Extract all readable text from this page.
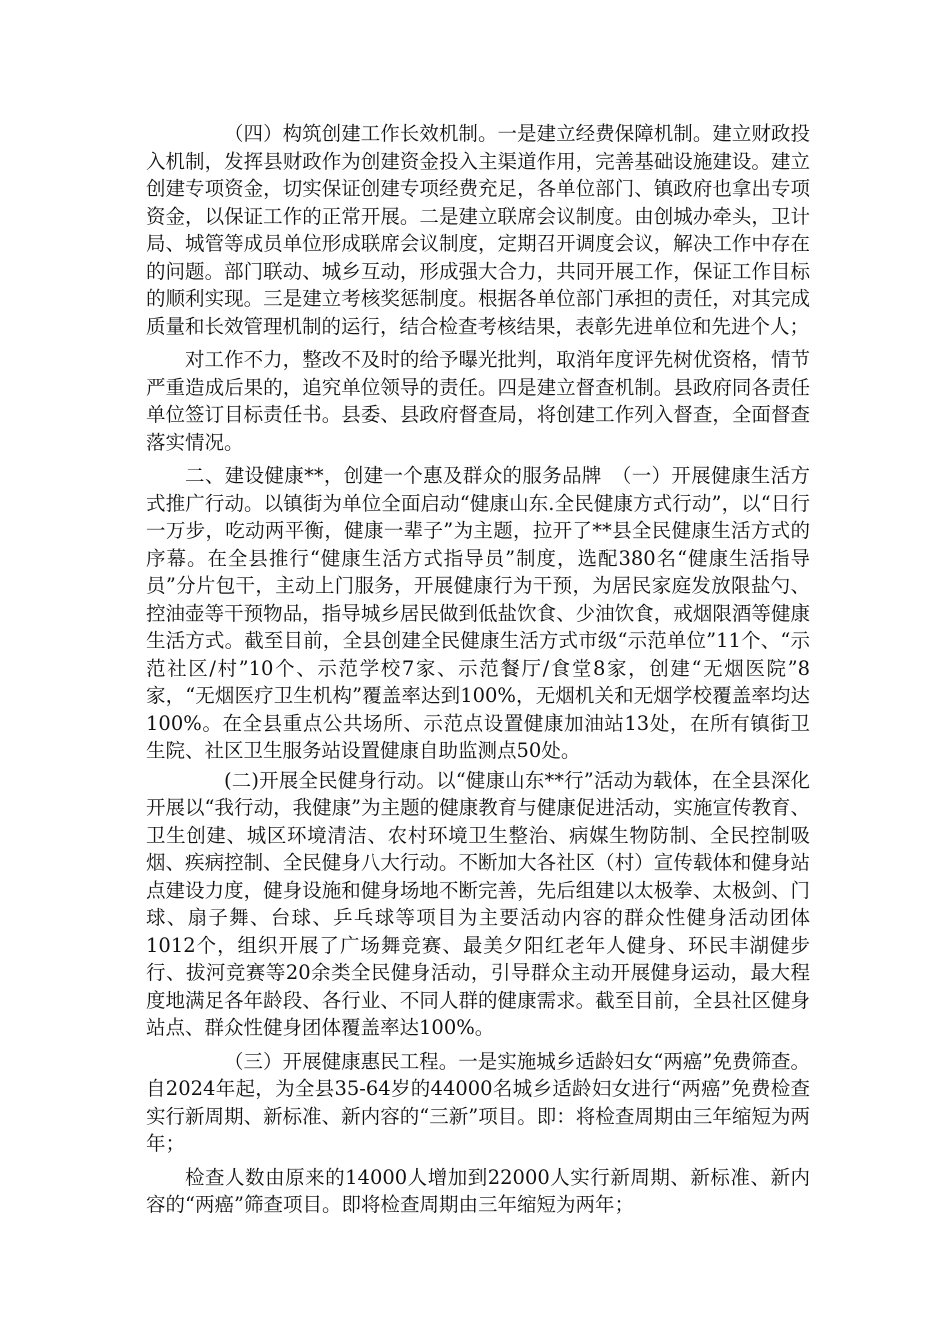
（四）构筑创建工作长效机制。一是建立经费保障机制。建立财政投入机制，发挥县财政作为创建资金投入主渠道作用，完善基础设施建设。建立创建专项资金，切实保证创建专项经费充足，各单位部门、镇政府也拿出专项资金，以保证工作的正常开展。二是建立联席会议制度。由创城办牵头，卫计局、城管等成员单位形成联席会议制度，定期召开调度会议，解决工作中存在的问题。部门联动、城乡互动，形成强大合力，共同开展工作，保证工作目标的顺利实现。三是建立考核奖惩制度。根据各单位部门承担的责任，对其完成质量和长效管理机制的运行，结合检查考核结果，表彰先进单位和先进个人；

对工作不力，整改不及时的给予曝光批判，取消年度评先树优资格，情节严重造成后果的，追究单位领导的责任。四是建立督查机制。县政府同各责任单位签订目标责任书。县委、县政府督查局，将创建工作列入督查，全面督查落实情况。

二、建设健康**，创建一个惠及群众的服务品牌　（一）开展健康生活方式推广行动。以镇街为单位全面启动“健康山东.全民健康方式行动”，以“日行一万步，吃动两平衡，健康一辈子”为主题，拉开了**县全民健康生活方式的序幕。在全县推行“健康生活方式指导员”制度，选配380名“健康生活指导员”分片包干，主动上门服务，开展健康行为干预，为居民家庭发放限盐勺、控油壶等干预物品，指导城乡居民做到低盐饮食、少油饮食，戒烟限酒等健康生活方式。截至目前，全县创建全民健康生活方式市级“示范单位”11个、“示范社区/村”10个、示范学校7家、示范餐厅/食堂8家，创建“无烟医院”8家，“无烟医疗卫生机构”覆盖率达到100%，无烟机关和无烟学校覆盖率均达100%。在全县重点公共场所、示范点设置健康加油站13处，在所有镇街卫生院、社区卫生服务站设置健康自助监测点50处。

(二)开展全民健身行动。以“健康山东**行”活动为载体，在全县深化开展以“我行动，我健康”为主题的健康教育与健康促进活动，实施宣传教育、卫生创建、城区环境清洁、农村环境卫生整治、病媒生物防制、全民控制吸烟、疾病控制、全民健身八大行动。不断加大各社区（村）宣传载体和健身站点建设力度，健身设施和健身场地不断完善，先后组建以太极拳、太极剑、门球、扇子舞、台球、乒乓球等项目为主要活动内容的群众性健身活动团体1012个，组织开展了广场舞竞赛、最美夕阳红老年人健身、环民丰湖健步行、拔河竞赛等20余类全民健身活动，引导群众主动开展健身运动，最大程度地满足各年龄段、各行业、不同人群的健康需求。截至目前，全县社区健身站点、群众性健身团体覆盖率达100%。

（三）开展健康惠民工程。一是实施城乡适龄妇女“两癌”免费筛查。自2024年起，为全县35-64岁的44000名城乡适龄妇女进行“两癌”免费检查实行新周期、新标准、新内容的“三新”项目。即：将检查周期由三年缩短为两年；

检查人数由原来的14000人增加到22000人实行新周期、新标准、新内容的“两癌”筛查项目。即将检查周期由三年缩短为两年；
